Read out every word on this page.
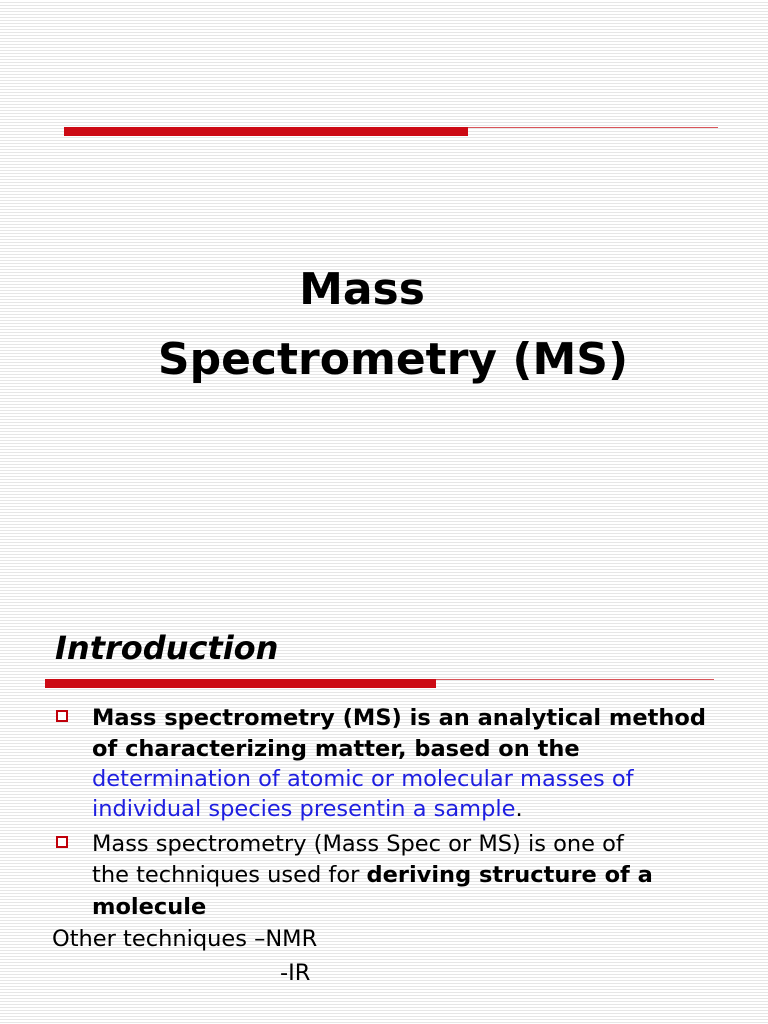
Mass
Spectrometry (MS)
Introduction
Mass spectrometry (MS) is an analytical method
of characterizing matter, based on the
determination of atomic or molecular masses of
individual species presentin a sample.
Mass spectrometry (Mass Spec or MS) is one of
the techniques used for deriving structure of a
molecule
Other techniques –NMR
-IR
